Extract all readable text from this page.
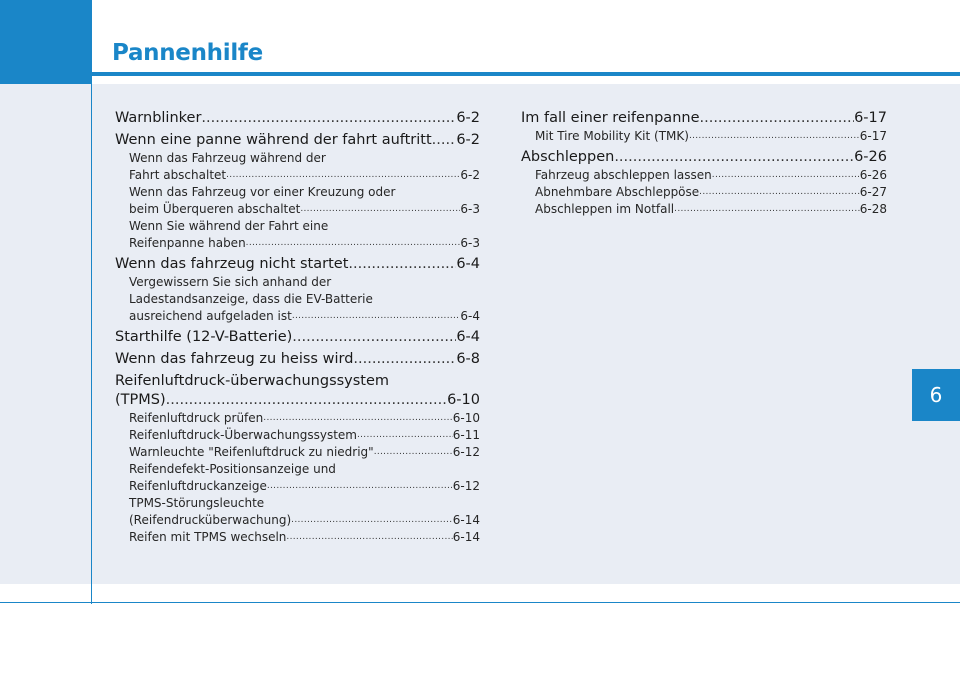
Pannenhilfe
6
Warnblinker .....	6-2
Wenn eine panne während der fahrt auftritt ..... 6-2
Wenn das Fahrzeug während der
Fahrt abschaltet .....	6-2
Wenn das Fahrzeug vor einer Kreuzung oder
beim Überqueren abschaltet .....	6-3
Wenn Sie während der Fahrt eine
Reifenpanne haben .....	6-3
Wenn das fahrzeug nicht startet .....	6-4
Vergewissern Sie sich anhand der
Ladestandsanzeige, dass die EV-Batterie
ausreichend aufgeladen ist .....	6-4
Starthilfe (12-V-Batterie) .....	6-4
Wenn das fahrzeug zu heiss wird .....	6-8
Reifenluftdruck-überwachungssystem
(TPMS) .....	6-10
Reifenluftdruck prüfen .....	6-10
Reifenluftdruck-Überwachungssystem .....	6-11
Warnleuchte "Reifenluftdruck zu niedrig" .....	6-12
Reifendefekt-Positionsanzeige und
Reifenluftdruckanzeige .....	6-12
TPMS-Störungsleuchte
(Reifendrucküberwachung) .....	6-14
Reifen mit TPMS wechseln .....	6-14
Im fall einer reifenpanne .....	6-17
Mit Tire Mobility Kit (TMK) .....	6-17
Abschleppen .....	6-26
Fahrzeug abschleppen lassen .....	6-26
Abnehmbare Abschleppöse .....	6-27
Abschleppen im Notfall .....	6-28
